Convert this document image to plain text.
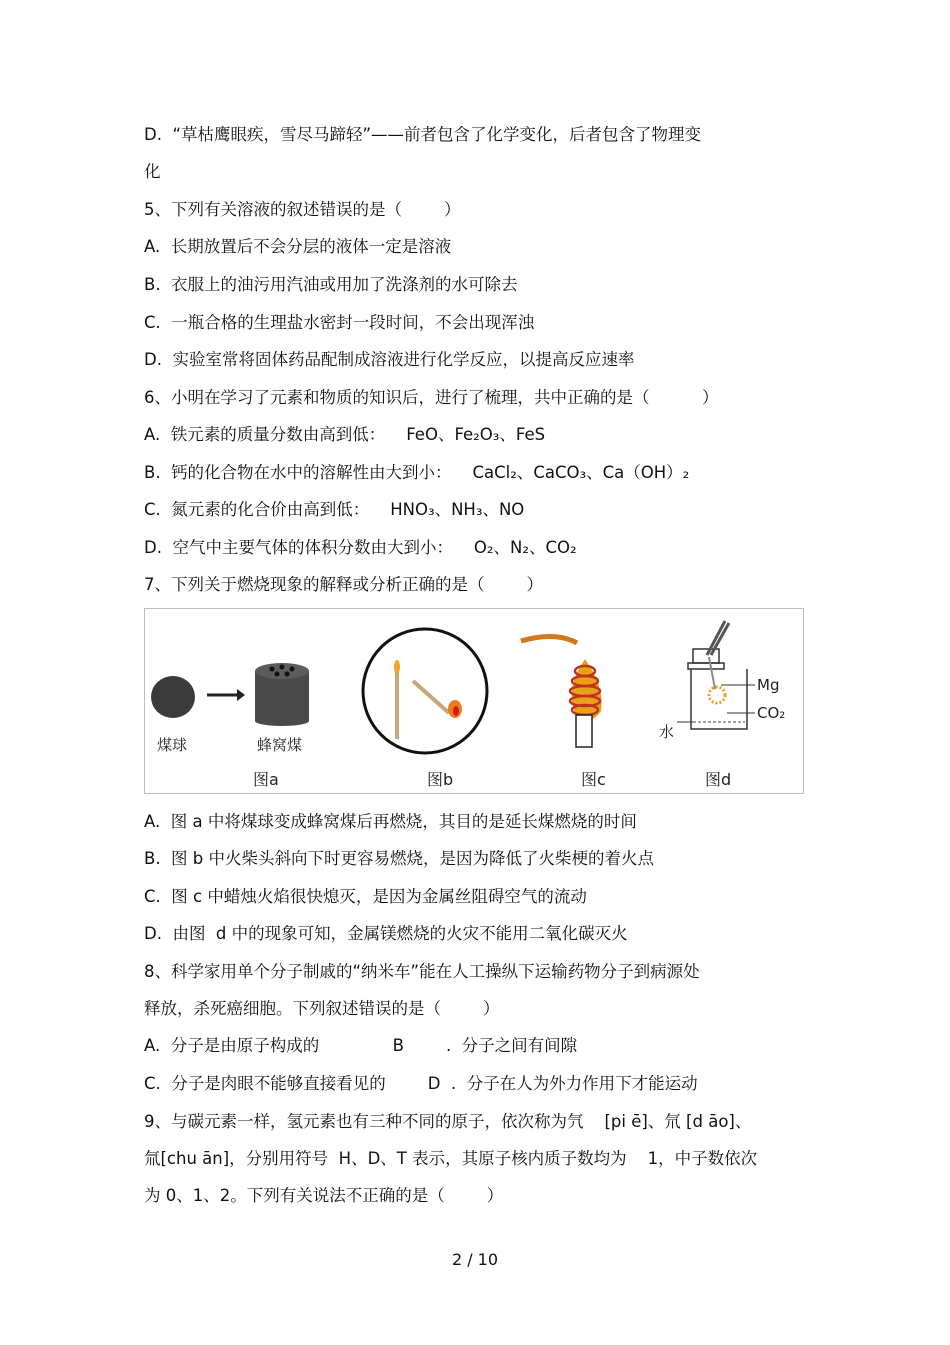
D.  “草枯鹰眼疾，雪尽马蹄轻”——前者包含了化学变化，后者包含了物理变
化
5、下列有关溶液的叙述错误的是（        ）
A.  长期放置后不会分层的液体一定是溶液
B.  衣服上的油污用汽油或用加了洗涤剂的水可除去
C.  一瓶合格的生理盐水密封一段时间，不会出现浑浊
D.  实验室常将固体药品配制成溶液进行化学反应，以提高反应速率
6、小明在学习了元素和物质的知识后，进行了梳理，共中正确的是（          ）
A.  铁元素的质量分数由高到低：    FeO、Fe₂O₃、FeS
B.  钙的化合物在水中的溶解性由大到小：    CaCl₂、CaCO₃、Ca（OH）₂
C.  氮元素的化合价由高到低：    HNO₃、NH₃、NO
D.  空气中主要气体的体积分数由大到小：    O₂、N₂、CO₂
7、下列关于燃烧现象的解释或分析正确的是（        ）
煤球	蜂窝煤
图a	图b	图c
Mg
CO₂
水
图d
A.  图 a 中将煤球变成蜂窝煤后再燃烧，其目的是延长煤燃烧的时间
B.  图 b 中火柴头斜向下时更容易燃烧，是因为降低了火柴梗的着火点
C.  图 c 中蜡烛火焰很快熄灭，是因为金属丝阻碍空气的流动
D.  由图  d 中的现象可知，金属镁燃烧的火灾不能用二氧化碳灭火
8、科学家用单个分子制戚的“纳米车”能在人工操纵下运输药物分子到病源处
释放，杀死癌细胞。下列叙述错误的是（        ）
A.  分子是由原子构成的              B        .  分子之间有间隙
C.  分子是肉眼不能够直接看见的        D  .  分子在人为外力作用下才能运动
9、与碳元素一样，氢元素也有三种不同的原子，依次称为氕    [pi ē]、氘 [d āo]、
氚[chu ān]，分别用符号  H、D、T 表示，其原子核内质子数均为    1，中子数依次
为 0、1、2。下列有关说法不正确的是（        ）
2 / 10
